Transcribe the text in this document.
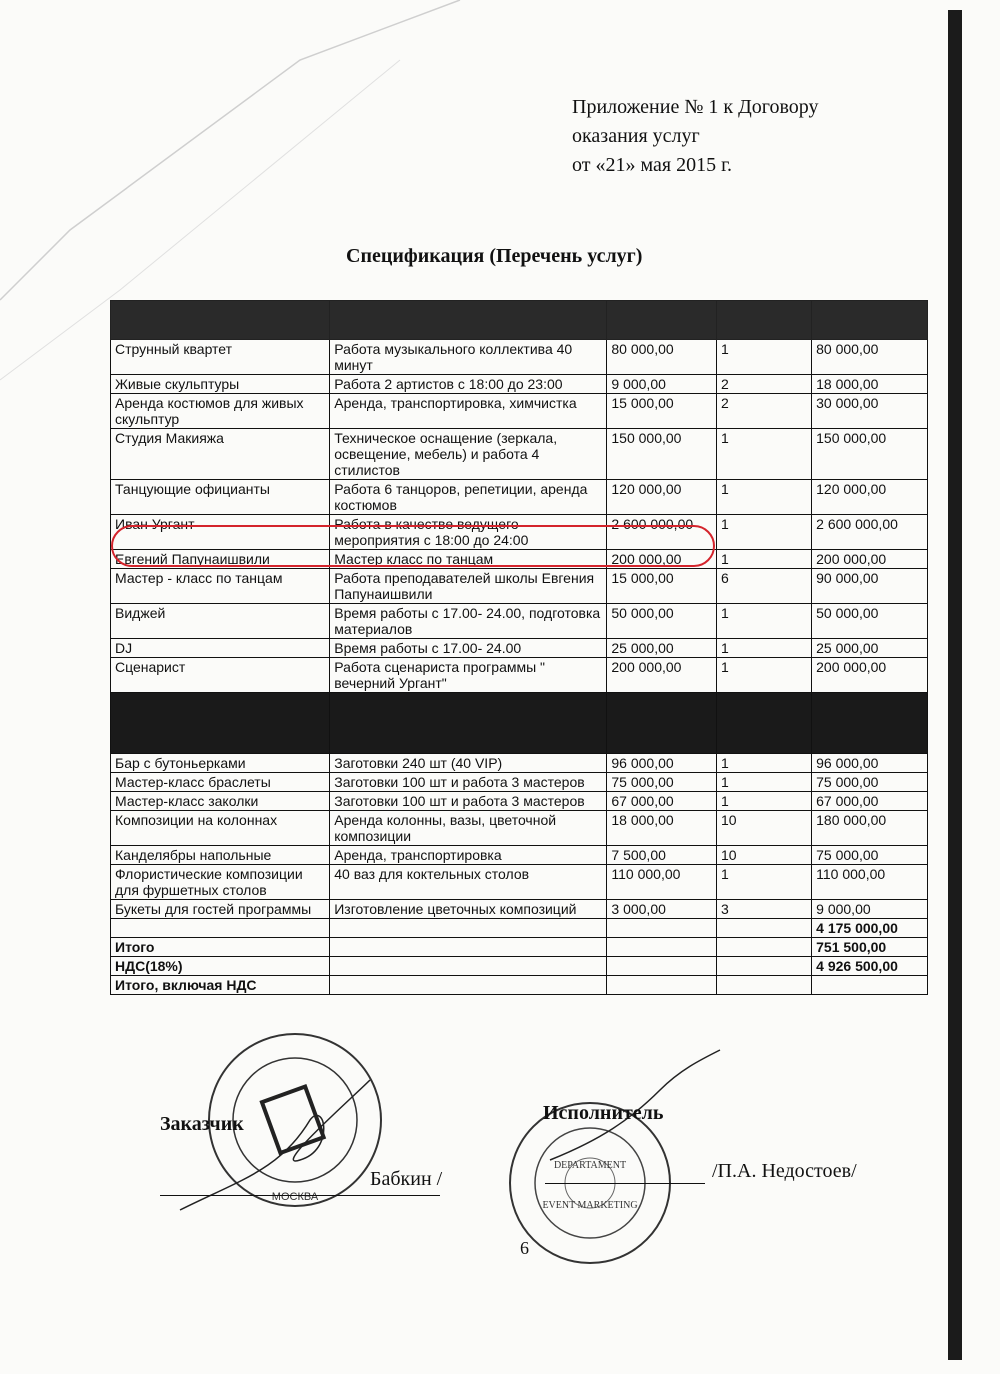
Приложение № 1 к Договору
оказания услуг
от «21» мая 2015 г.
Спецификация (Перечень услуг)

Струнный квартет	Работа музыкального коллектива 40 минут	80 000,00	1	80 000,00
Живые скульптуры	Работа 2 артистов с 18:00 до 23:00	9 000,00	2	18 000,00
Аренда костюмов для живых скульптур	Аренда, транспортировка, химчистка	15 000,00	2	30 000,00
Студия Макияжа	Техническое оснащение (зеркала, освещение, мебель) и работа 4 стилистов	150 000,00	1	150 000,00
Танцующие официанты	Работа 6 танцоров, репетиции, аренда костюмов	120 000,00	1	120 000,00
Иван Ургант	Работа в качестве ведущего мероприятия с 18:00 до 24:00	2 600 000,00	1	2 600 000,00
Евгений Папунаишвили	Мастер класс по танцам	200 000,00	1	200 000,00
Мастер - класс по танцам	Работа преподавателей школы Евгения Папунаишвили	15 000,00	6	90 000,00
Виджей	Время работы с 17.00- 24.00, подготовка материалов	50 000,00	1	50 000,00
DJ	Время работы с 17.00- 24.00	25 000,00	1	25 000,00
Сценарист	Работа сценариста программы " вечерний Ургант"	200 000,00	1	200 000,00

Бар с бутоньерками	Заготовки 240 шт (40 VIP)	96 000,00	1	96 000,00
Мастер-класс браслеты	Заготовки 100 шт и работа 3 мастеров	75 000,00	1	75 000,00
Мастер-класс заколки	Заготовки 100 шт и работа 3 мастеров	67 000,00	1	67 000,00
Композиции на колоннах	Аренда колонны, вазы, цветочной композиции	18 000,00	10	180 000,00
Канделябры напольные	Аренда, транспортировка	7 500,00	10	75 000,00
Флористические композиции для фуршетных столов	40 ваз для коктельных столов	110 000,00	1	110 000,00
Букеты для гостей программы	Изготовление цветочных композиций	3 000,00	3	9 000,00
				4 175 000,00
Итого				751 500,00
НДС(18%)				4 926 500,00
Итого, включая НДС				
МОСКВА
DEPARTAMENT
EVENT MARKETING
Заказчик	Исполнитель
Бабкин /	/П.А. Недостоев/
6
